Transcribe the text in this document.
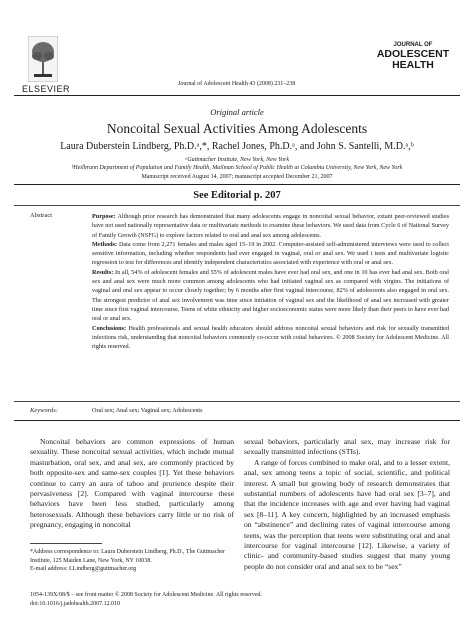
ELSEVIER	Journal of Adolescent Health 43 (2008) 231–238
JOURNAL OF
ADOLESCENT
HEALTH
Original article
Noncoital Sexual Activities Among Adolescents
Laura Duberstein Lindberg, Ph.D.ᵃ,*, Rachel Jones, Ph.D.ᵃ, and John S. Santelli, M.D.ᵃ,ᵇ
ᵃGuttmacher Institute, New York, New York
ᵇHeilbrunn Department of Population and Family Health, Mailman School of Public Health at Columbia University, New York, New York
Manuscript received August 14, 2007; manuscript accepted December 21, 2007
See Editorial p. 207
Abstract	Purpose: Although prior research has demonstrated that many adolescents engage in noncoital sexual behavior, extant peer-reviewed studies have not used nationally representative data or multivariate methods to examine these behaviors. We used data from Cycle 6 of National Survey of Family Growth (NSFG) to explore factors related to oral and anal sex among adolescents.

Methods: Data come from 2,271 females and males aged 15–19 in 2002. Computer-assisted self-administered interviews were used to collect sensitive information, including whether respondents had ever engaged in vaginal, oral or anal sex. We used t tests and multivariate logistic regression to test for differences and identify independent characteristics associated with experience with oral or anal sex.

Results: In all, 54% of adolescent females and 55% of adolescent males have ever had oral sex, and one in 10 has ever had anal sex. Both oral sex and anal sex were much more common among adolescents who had initiated vaginal sex as compared with virgins. The initiations of vaginal and oral sex appear to occur closely together; by 6 months after first vaginal intercourse, 82% of adolescents also engaged in oral sex. The strongest predictor of anal sex involvement was time since initiation of vaginal sex and the likelihood of anal sex increased with greater time since first vaginal intercourse. Teens of white ethnicity and higher socioeconomic status were more likely than their peers to have ever had oral or anal sex.

Conclusions: Health professionals and sexual health educators should address noncoital sexual behaviors and risk for sexually transmitted infections risk, understanding that noncoital behaviors commonly co-occur with coital behaviors. © 2008 Society for Adolescent Medicine. All rights reserved.

Keywords:	Oral sex; Anal sex; Vaginal sex; Adolescents

Noncoital behaviors are common expressions of human sexuality. These noncoital sexual activities, which include mutual masturbation, oral sex, and anal sex, are commonly practiced by both opposite-sex and same-sex couples [1]. Yet these behaviors continue to carry an aura of taboo and prurience despite their pervasiveness [2]. Compared with vaginal intercourse these behaviors have been less studied, particularly among heterosexuals. Although these behaviors carry little or no risk of pregnancy, engaging in noncoital

sexual behaviors, particularly anal sex, may increase risk for sexually transmitted infections (STIs).

A range of forces combined to make oral, and to a lesser extent, anal, sex among teens a topic of social, scientific, and political interest. A small but growing body of research demonstrates that substantial numbers of adolescents have had oral sex [3–7], and that the incidence increases with age and ever having had vaginal sex [8–11]. A key concern, highlighted by an increased emphasis on “abstinence” and declining rates of vaginal intercourse among teens, was the perception that teens were substituting oral and anal intercourse for vaginal intercourse [12]. Likewise, a variety of clinic- and community-based studies suggest that many young people do not consider oral and anal sex to be “sex”

*Address correspondence to: Laura Duberstein Lindberg, Ph.D., The Guttmacher Institute, 125 Maiden Lane, New York, NY 10038.

E-mail address: LLindberg@guttmacher.org

1054-139X/08/$ – see front matter © 2008 Society for Adolescent Medicine. All rights reserved.
doi:10.1016/j.jadohealth.2007.12.010
